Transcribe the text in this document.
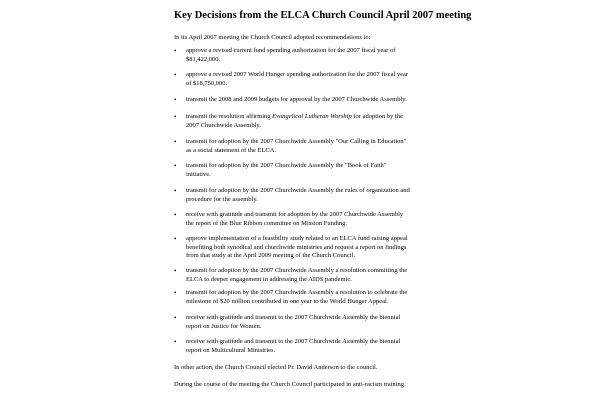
Key Decisions from the ELCA Church Council April 2007 meeting

In its April 2007 meeting the Church Council adopted recommendations to:

•	approve a revised current fund spending authorization for the 2007 fiscal year of
$81,422,000.
•	approve a revised 2007 World Hunger spending authorization for the 2007 fiscal year
of $18,750,000.
•	transmit the 2008 and 2009 budgets for approval by the 2007 Churchwide Assembly.
•	transmit the resolution affirming Evangelical Lutheran Worship for adoption by the
2007 Churchwide Assembly.
•	transmit for adoption by the 2007 Churchwide Assembly "Our Calling in Education"
as a social statement of the ELCA.
•	transmit for adoption by the 2007 Churchwide Assembly the "Book of Faith"
initiative.
•	transmit for adoption by the 2007 Churchwide Assembly the rules of organization and
procedure for the assembly.
•	receive with gratitude and transmit for adoption by the 2007 Churchwide Assembly
the report of the Blue Ribbon committee on Mission Funding.
•	approve implementation of a feasibility study related to an ELCA fund raising appeal
benefiting both synodical and churchwide ministries and request a report on findings
from that study at the April 2009 meeting of the Church Council.
•	transmit for adoption by the 2007 Churchwide Assembly a resolution committing the
ELCA to deeper engagement in addressing the AIDS pandemic.
•	transmit for adoption by the 2007 Churchwide Assembly a resolution to celebrate the
milestone of $20 million contributed in one year to the World Hunger Appeal.
•	receive with gratitude and transmit to the 2007 Churchwide Assembly the biennial
report on Justice for Women.
•	receive with gratitude and transmit to the 2007 Churchwide Assembly the biennial
report on Multicultural Ministries.

In other action, the Church Council elected Pr. David Anderson to the council.

During the course of the meeting the Church Council participated in anti-racism training.
